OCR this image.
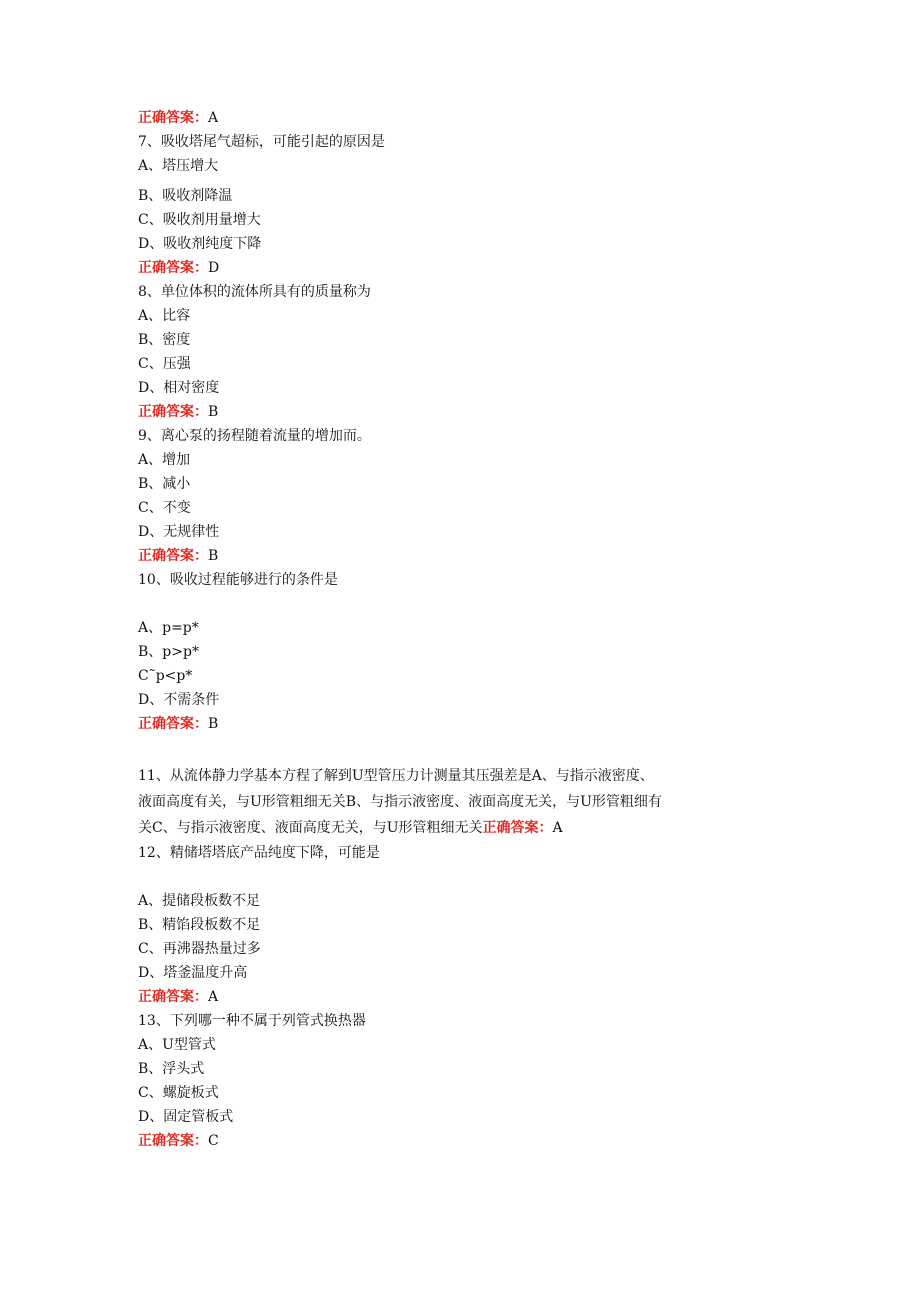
正确答案：A
7、吸收塔尾气超标，可能引起的原因是
A、塔压增大
B、吸收剂降温
C、吸收剂用量增大
D、吸收剂纯度下降
正确答案：D
8、单位体积的流体所具有的质量称为
A、比容
B、密度
C、压强
D、相对密度
正确答案：B
9、离心泵的扬程随着流量的增加而。
A、增加
B、减小
C、不变
D、无规律性
正确答案：B
10、吸收过程能够进行的条件是
A、p=p*
B、p>p*
C˜p<p*
D、不需条件
正确答案：B
11、从流体静力学基本方程了解到U型管压力计测量其压强差是A、与指示液密度、液面高度有关，与U形管粗细无关B、与指示液密度、液面高度无关，与U形管粗细有关C、与指示液密度、液面高度无关，与U形管粗细无关正确答案：A
12、精储塔塔底产品纯度下降，可能是
A、提储段板数不足
B、精馅段板数不足
C、再沸器热量过多
D、塔釜温度升高
正确答案：A
13、下列哪一种不属于列管式换热器
A、U型管式
B、浮头式
C、螺旋板式
D、固定管板式
正确答案：C
